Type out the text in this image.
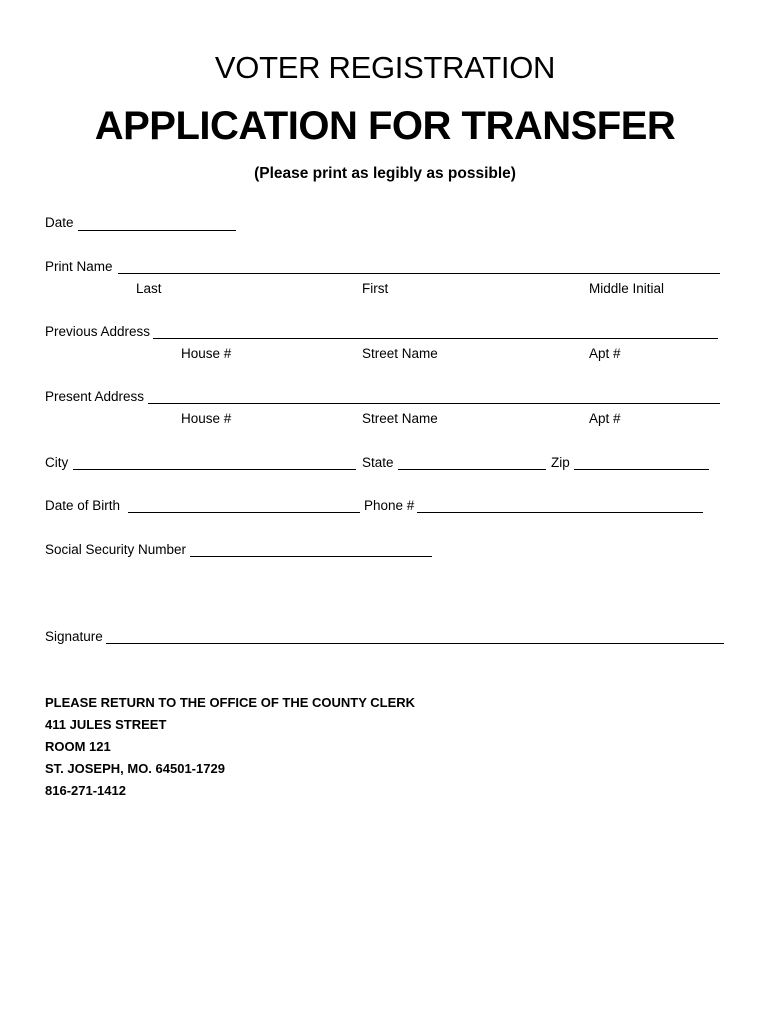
VOTER REGISTRATION
APPLICATION FOR TRANSFER
(Please print as legibly as possible)
Date
Print Name
Last	First	Middle Initial
Previous Address
House #	Street Name	Apt #
Present Address
House #	Street Name	Apt #
City	State	Zip
Date of Birth	Phone #
Social Security Number
Signature
PLEASE RETURN TO THE OFFICE OF THE COUNTY CLERK
411 JULES STREET
ROOM 121
ST. JOSEPH, MO. 64501-1729
816-271-1412
